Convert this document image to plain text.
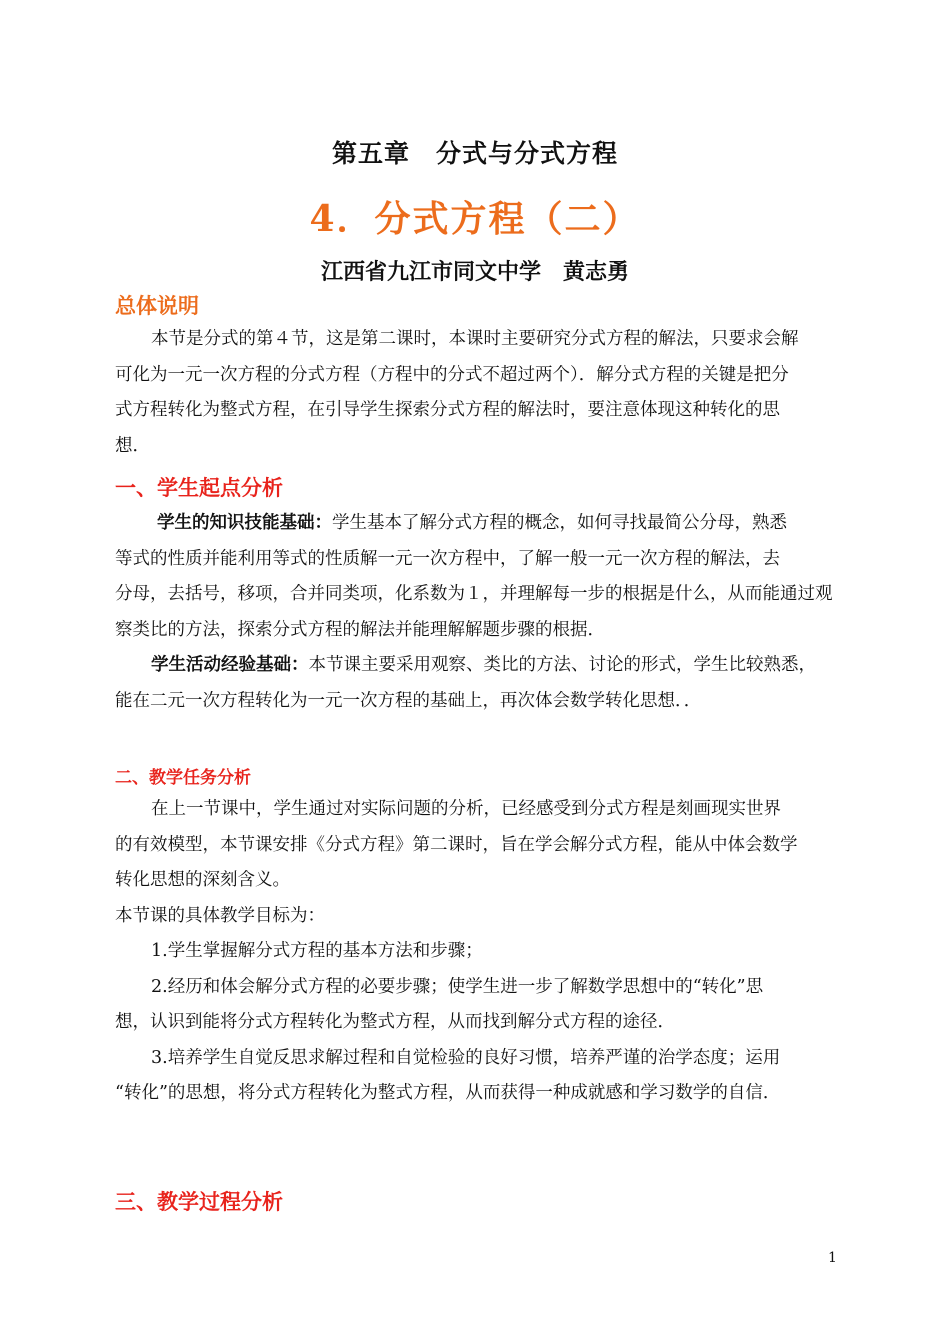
第五章　分式与分式方程
4．分式方程（二）
江西省九江市同文中学　黄志勇
总体说明
本节是分式的第４节，这是第二课时，本课时主要研究分式方程的解法，只要求会解
可化为一元一次方程的分式方程（方程中的分式不超过两个）．解分式方程的关键是把分
式方程转化为整式方程，在引导学生探索分式方程的解法时，要注意体现这种转化的思
想．
一、学生起点分析
学生的知识技能基础：学生基本了解分式方程的概念，如何寻找最简公分母，熟悉
等式的性质并能利用等式的性质解一元一次方程中，了解一般一元一次方程的解法，去
分母，去括号，移项，合并同类项，化系数为１，并理解每一步的根据是什么，从而能通过观
察类比的方法，探索分式方程的解法并能理解解题步骤的根据．
学生活动经验基础：本节课主要采用观察、类比的方法、讨论的形式，学生比较熟悉，
能在二元一次方程转化为一元一次方程的基础上，再次体会数学转化思想．．
二、教学任务分析
在上一节课中，学生通过对实际问题的分析，已经感受到分式方程是刻画现实世界
的有效模型，本节课安排《分式方程》第二课时，旨在学会解分式方程，能从中体会数学
转化思想的深刻含义。
本节课的具体教学目标为：
1.学生掌握解分式方程的基本方法和步骤；
2.经历和体会解分式方程的必要步骤；使学生进一步了解数学思想中的“转化”思
想，认识到能将分式方程转化为整式方程，从而找到解分式方程的途径．
3.培养学生自觉反思求解过程和自觉检验的良好习惯，培养严谨的治学态度；运用
“转化”的思想，将分式方程转化为整式方程，从而获得一种成就感和学习数学的自信．
三、教学过程分析
1
